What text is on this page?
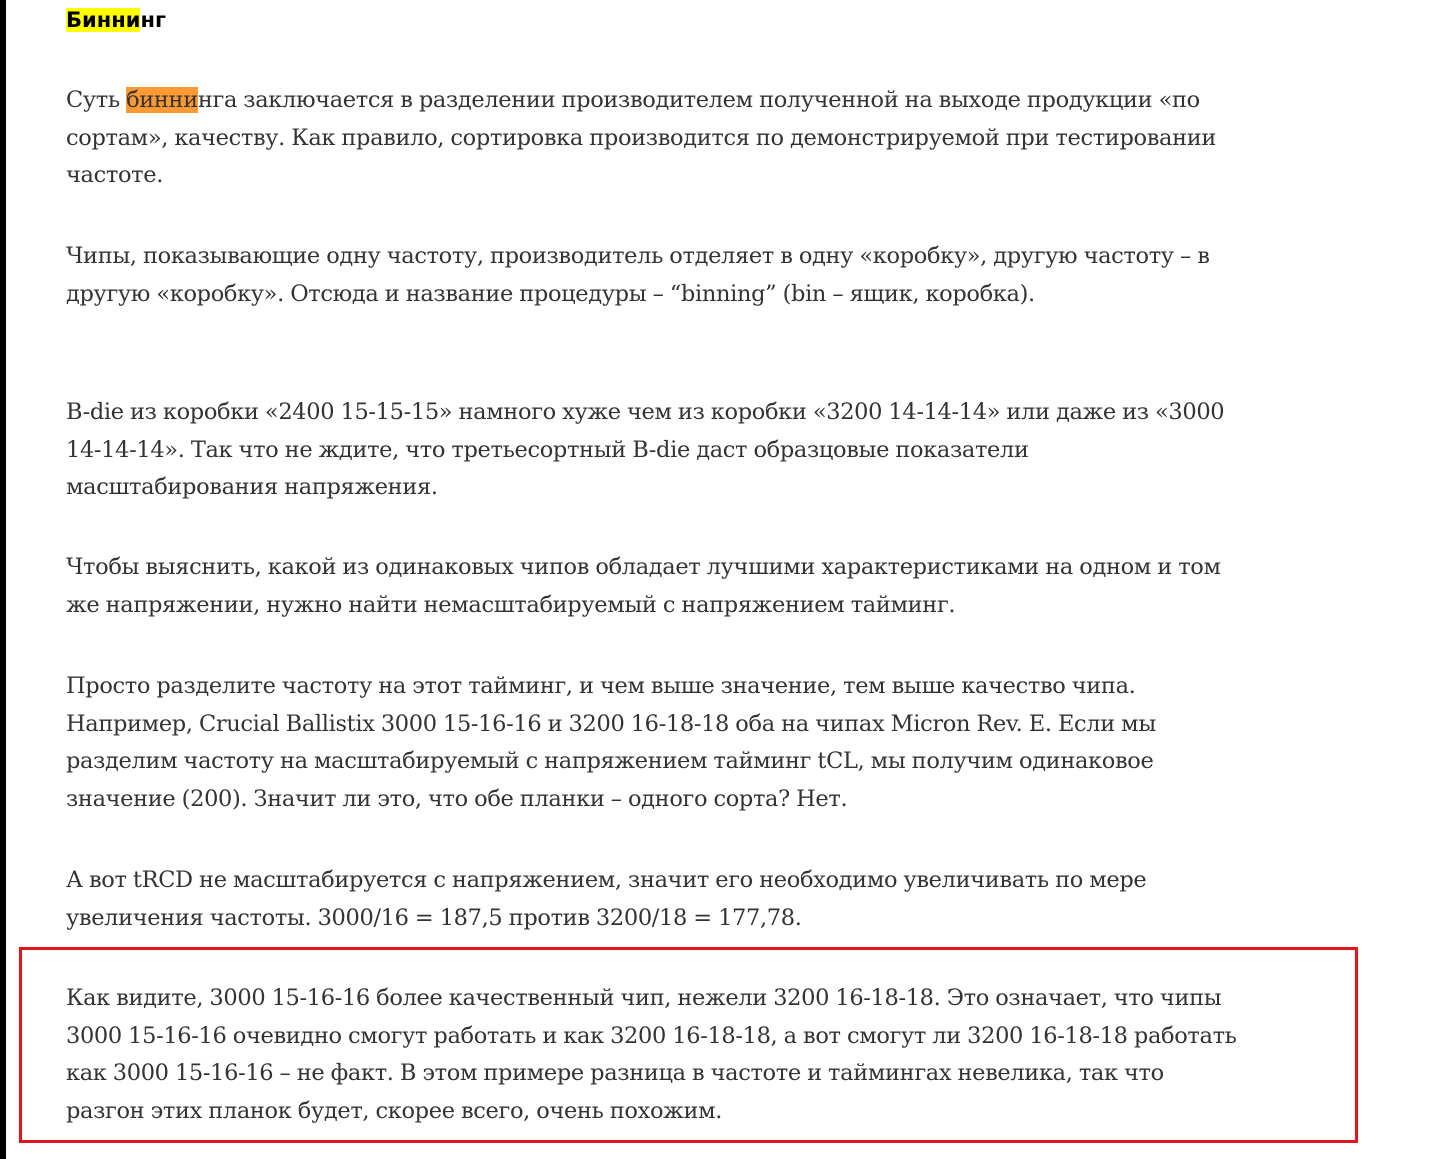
Биннинг

Суть биннинга заключается в разделении производителем полученной на выходе продукции «по сортам», качеству. Как правило, сортировка производится по демонстрируемой при тестировании частоте.

Чипы, показывающие одну частоту, производитель отделяет в одну «коробку», другую частоту – в другую «коробку». Отсюда и название процедуры – “binning” (bin – ящик, коробка).

B-die из коробки «2400 15-15-15» намного хуже чем из коробки «3200 14-14-14» или даже из «3000 14-14-14». Так что не ждите, что третьесортный B-die даст образцовые показатели масштабирования напряжения.

Чтобы выяснить, какой из одинаковых чипов обладает лучшими характеристиками на одном и том же напряжении, нужно найти немасштабируемый с напряжением тайминг.

Просто разделите частоту на этот тайминг, и чем выше значение, тем выше качество чипа. Например, Crucial Ballistix 3000 15-16-16 и 3200 16-18-18 оба на чипах Micron Rev. E. Если мы разделим частоту на масштабируемый с напряжением тайминг tCL, мы получим одинаковое значение (200). Значит ли это, что обе планки – одного сорта? Нет.

А вот tRCD не масштабируется с напряжением, значит его необходимо увеличивать по мере увеличения частоты. 3000/16 = 187,5 против 3200/18 = 177,78.

Как видите, 3000 15-16-16 более качественный чип, нежели 3200 16-18-18. Это означает, что чипы 3000 15-16-16 очевидно смогут работать и как 3200 16-18-18, а вот смогут ли 3200 16-18-18 работать как 3000 15-16-16 – не факт. В этом примере разница в частоте и таймингах невелика, так что разгон этих планок будет, скорее всего, очень похожим.
